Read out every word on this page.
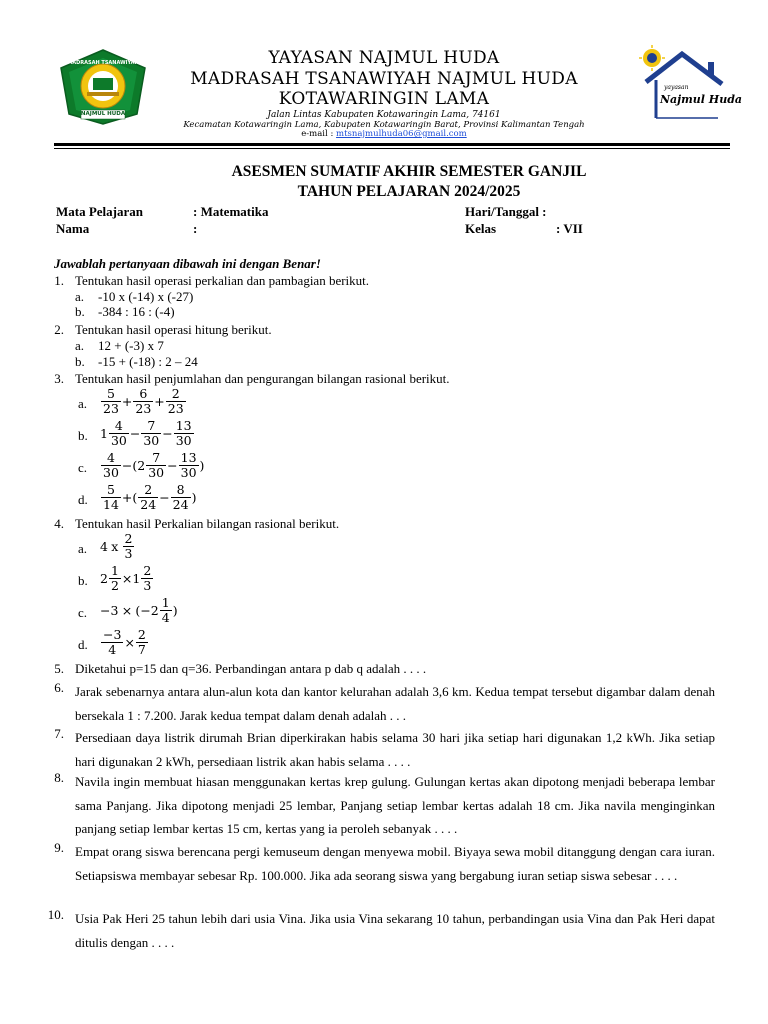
MADRASAH TSANAWIYAH
NAJMUL HUDA
yayasan
Najmul Huda
YAYASAN NAJMUL HUDA
MADRASAH TSANAWIYAH NAJMUL HUDA
KOTAWARINGIN LAMA
Jalan Lintas Kabupaten Kotawaringin Lama, 74161
Kecamatan Kotawaringin Lama, Kabupaten Kotawaringin Barat, Provinsi Kalimantan Tengah
e-mail : mtsnajmulhuda06@gmail.com
ASESMEN SUMATIF AKHIR SEMESTER GANJIL
TAHUN PELAJARAN 2024/2025
Mata Pelajaran	: Matematika	Hari/Tanggal :
Nama	:	Kelas	: VII
Jawablah pertanyaan dibawah ini dengan Benar!
1. Tentukan hasil operasi perkalian dan pambagian berikut.
a. -10 x (-14) x (-27)
b. -384 : 16 : (-4)
2. Tentukan hasil operasi hitung berikut.
a. 12 + (-3) x 7
b. -15 + (-18) : 2 – 24
3. Tentukan hasil penjumlahan dan pengurangan bilangan rasional berikut.
a. $\frac{5}{23} + \frac{6}{23} + \frac{2}{23}$
b. $1 \frac{4}{30} - \frac{7}{30} - \frac{13}{30}$
c. $\frac{4}{30} -(2 \frac{7}{30} - \frac{13}{30}$ )
d. $\frac{5}{14}$ +( $\frac{2}{24} - \frac{8}{24}$ )
4. Tentukan hasil Perkalian bilangan rasional berikut.
a. 4 x $\frac{2}{3}$
b. $2 \frac{1}{2} \times 1 \frac{2}{3}$
c. $-3 \times (-2 \frac{1}{4}$ )
d. $\frac{-3}{4} \times \frac{2}{7}$
5. Diketahui p=15 dan q=36. Perbandingan antara p dab q adalah . . . .
6. Jarak sebenarnya antara alun-alun kota dan kantor kelurahan adalah 3,6 km. Kedua tempat tersebut digambar dalam denah bersekala 1 : 7.200. Jarak kedua tempat dalam denah adalah . . .
7. Persediaan daya listrik dirumah Brian diperkirakan habis selama 30 hari jika setiap hari digunakan 1,2 kWh. Jika setiap hari digunakan 2 kWh, persediaan listrik akan habis selama . . . .
8. Navila ingin membuat hiasan menggunakan kertas krep gulung. Gulungan kertas akan dipotong menjadi beberapa lembar sama Panjang. Jika dipotong menjadi 25 lembar, Panjang setiap lembar kertas adalah 18 cm. Jika navila menginginkan panjang setiap lembar kertas 15 cm, kertas yang ia peroleh sebanyak . . . .
9. Empat orang siswa berencana pergi kemuseum dengan menyewa mobil. Biyaya sewa mobil ditanggung dengan cara iuran. Setiapsiswa membayar sebesar Rp. 100.000. Jika ada seorang siswa yang bergabung iuran setiap siswa sebesar . . . .
10. Usia Pak Heri 25 tahun lebih dari usia Vina. Jika usia Vina sekarang 10 tahun, perbandingan usia Vina dan Pak Heri dapat ditulis dengan . . . .
